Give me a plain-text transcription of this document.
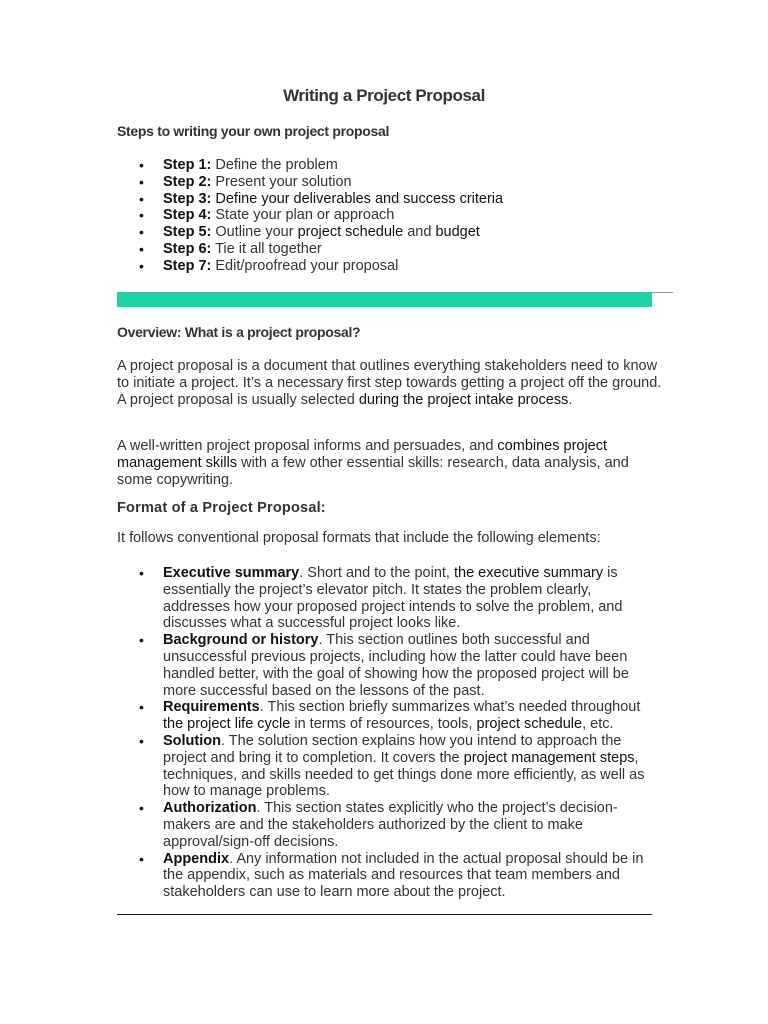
Writing a Project Proposal
Steps to writing your own project proposal
• Step 1: Define the problem
• Step 2: Present your solution
• Step 3: Define your deliverables and success criteria
• Step 4: State your plan or approach
• Step 5: Outline your project schedule and budget
• Step 6: Tie it all together
• Step 7: Edit/proofread your proposal
Overview: What is a project proposal?
A project proposal is a document that outlines everything stakeholders need to know to initiate a project. It’s a necessary first step towards getting a project off the ground. A project proposal is usually selected during the project intake process.
A well-written project proposal informs and persuades, and combines project management skills with a few other essential skills: research, data analysis, and some copywriting.
Format of a Project Proposal:
It follows conventional proposal formats that include the following elements:
• Executive summary. Short and to the point, the executive summary is essentially the project’s elevator pitch. It states the problem clearly, addresses how your proposed project intends to solve the problem, and discusses what a successful project looks like.
• Background or history. This section outlines both successful and unsuccessful previous projects, including how the latter could have been handled better, with the goal of showing how the proposed project will be more successful based on the lessons of the past.
• Requirements. This section briefly summarizes what’s needed throughout the project life cycle in terms of resources, tools, project schedule, etc.
• Solution. The solution section explains how you intend to approach the project and bring it to completion. It covers the project management steps, techniques, and skills needed to get things done more efficiently, as well as how to manage problems.
• Authorization. This section states explicitly who the project’s decision-makers are and the stakeholders authorized by the client to make approval/sign-off decisions.
• Appendix. Any information not included in the actual proposal should be in the appendix, such as materials and resources that team members and stakeholders can use to learn more about the project.
